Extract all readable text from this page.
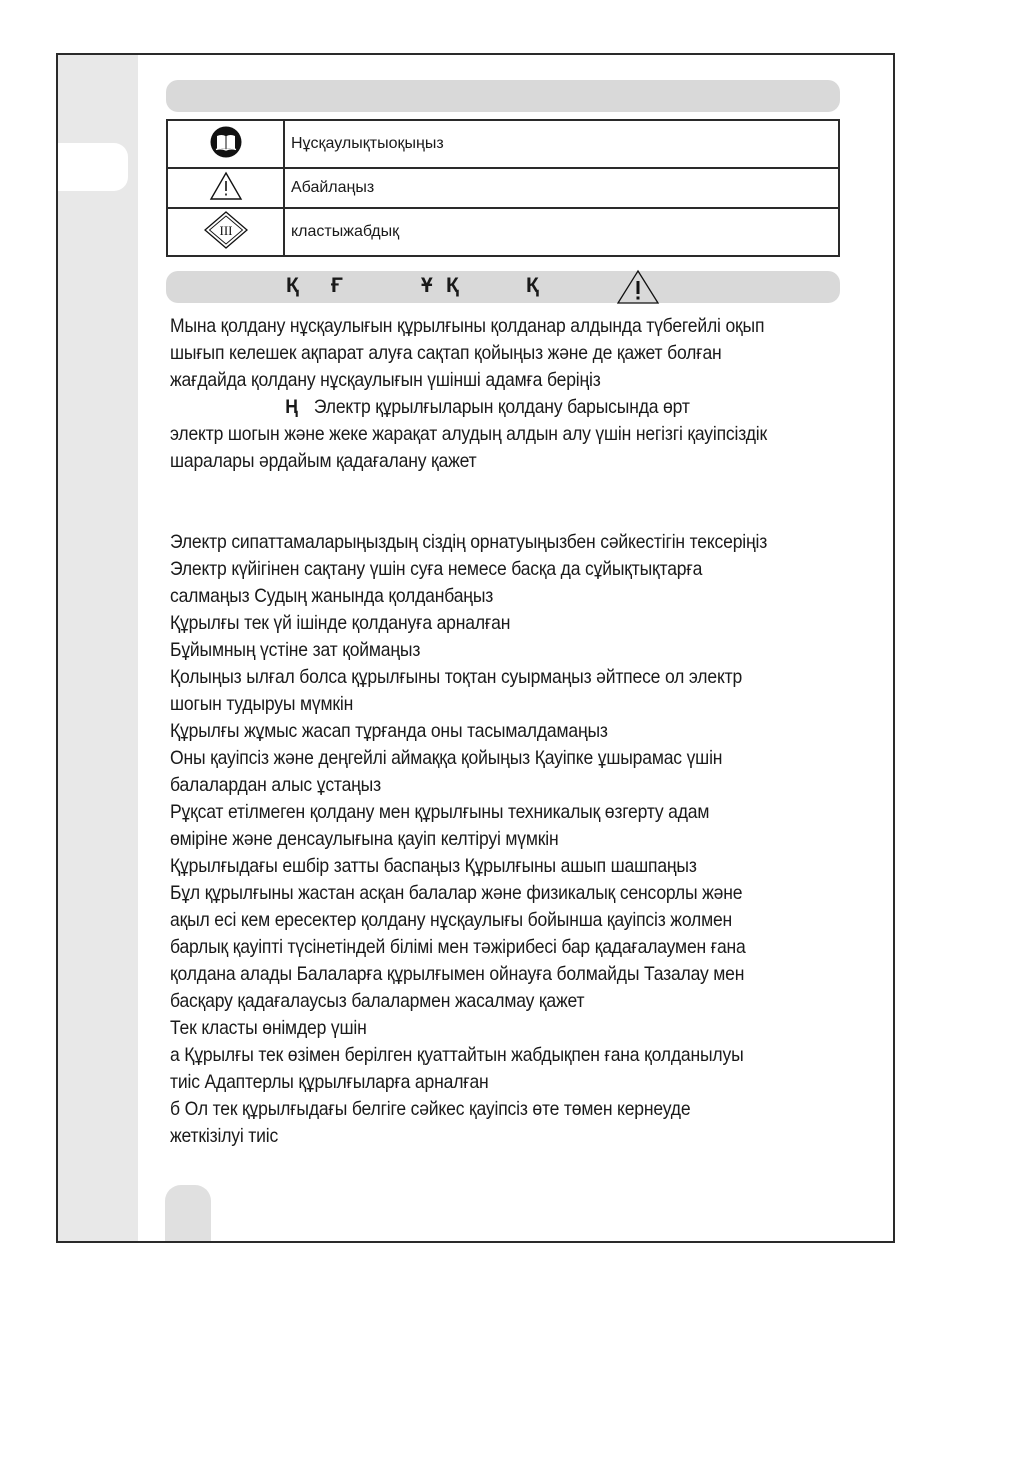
	Нұсқаулықтыоқыңыз
	Абайлаңыз

III	кластыжабдық
Қ Ғ	Ұ Қ	Қ

Мына қолдану нұсқаулығын құрылғыны қолданар алдында түбегейлі оқып

шығып келешек ақпарат алуға сақтап қойыңыз және де қажет болған

жағдайда қолдану нұсқаулығын үшінші адамға беріңіз

Ң Электр құрылғыларын қолдану барысында өрт

электр шогын және жеке жарақат алудың алдын алу үшін негізгі қауіпсіздік

шаралары әрдайым қадағалану қажет

Электр сипаттамаларыңыздың сіздің орнатуыңызбен сәйкестігін тексеріңіз

Электр күйігінен сақтану үшін суға немесе басқа да сұйықтықтарға

салмаңыз Судың жанында қолданбаңыз

Құрылғы тек үй ішінде қолдануға арналған

Бұйымның үстіне зат қоймаңыз

Қолыңыз ылғал болса құрылғыны тоқтан суырмаңыз әйтпесе ол электр

шогын тудыруы мүмкін

Құрылғы жұмыс жасап тұрғанда оны тасымалдамаңыз

Оны қауіпсіз және деңгейлі аймаққа қойыңыз Қауіпке ұшырамас үшін

балалардан алыс ұстаңыз

Рұқсат етілмеген қолдану мен құрылғыны техникалық өзгерту адам

өміріне және денсаулығына қауіп келтіруі мүмкін

Құрылғыдағы ешбір затты баспаңыз Құрылғыны ашып шашпаңыз

Бұл құрылғыны жастан асқан балалар және физикалық сенсорлы және

ақыл есі кем ересектер қолдану нұсқаулығы бойынша қауіпсіз жолмен

барлық қауіпті түсінетіндей білімі мен тәжірибесі бар қадағалаумен ғана

қолдана алады Балаларға құрылғымен ойнауға болмайды Тазалау мен

басқару қадағалаусыз балалармен жасалмау қажет

Тек класты өнімдер үшін

а Құрылғы тек өзімен берілген қуаттайтын жабдықпен ғана қолданылуы

тиіс Адаптерлы құрылғыларға арналған

б Ол тек құрылғыдағы белгіге сәйкес қауіпсіз өте төмен кернеуде

жеткізілуі тиіс
